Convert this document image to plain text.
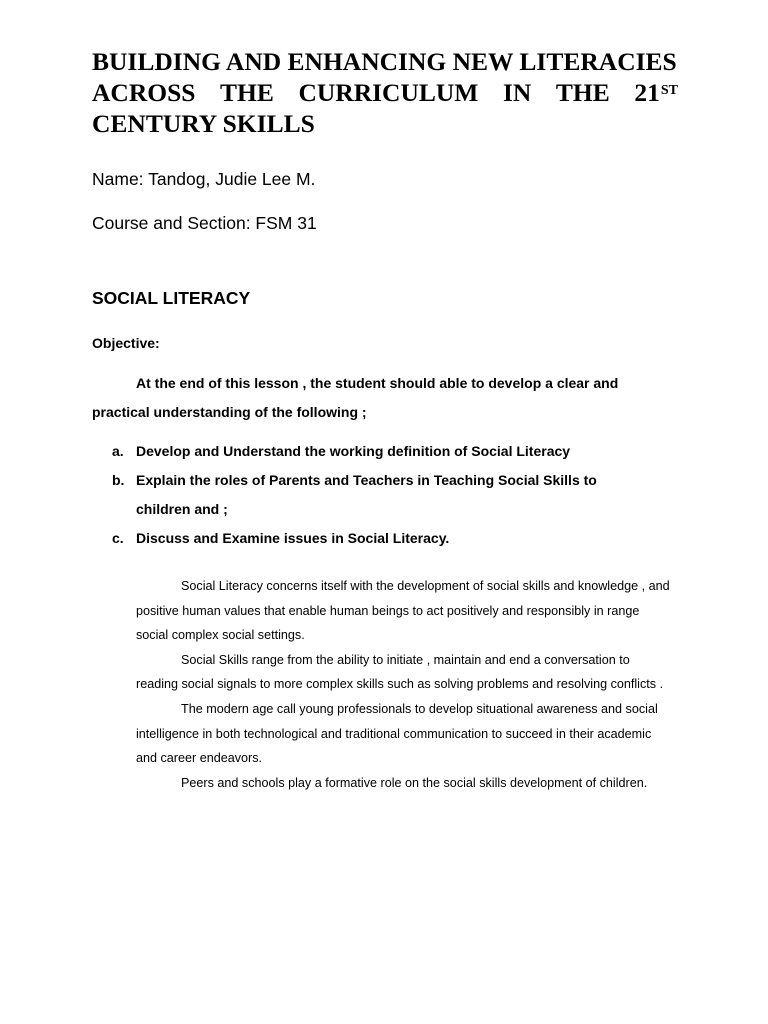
BUILDING AND ENHANCING NEW LITERACIES
ACROSS THE CURRICULUM IN THE 21ST
CENTURY SKILLS
Name: Tandog, Judie Lee M.
Course and Section: FSM 31
SOCIAL LITERACY
Objective:
At the end of this lesson , the student should able to develop a clear and practical understanding of the following ;
a. Develop and Understand the working definition of Social Literacy
b. Explain the roles of Parents and Teachers in Teaching Social Skills to children and ;
c. Discuss and Examine issues in Social Literacy.

Social Literacy concerns itself with the development of social skills and knowledge , and positive human values that enable human beings to act positively and responsibly in range social complex social settings.

Social Skills range from the ability to initiate , maintain and end a conversation to reading social signals to more complex skills such as solving problems and resolving conflicts .

The modern age call young professionals to develop situational awareness and social intelligence in both technological and traditional communication to succeed in their academic and career endeavors.

Peers and schools play a formative role on the social skills development of children.
